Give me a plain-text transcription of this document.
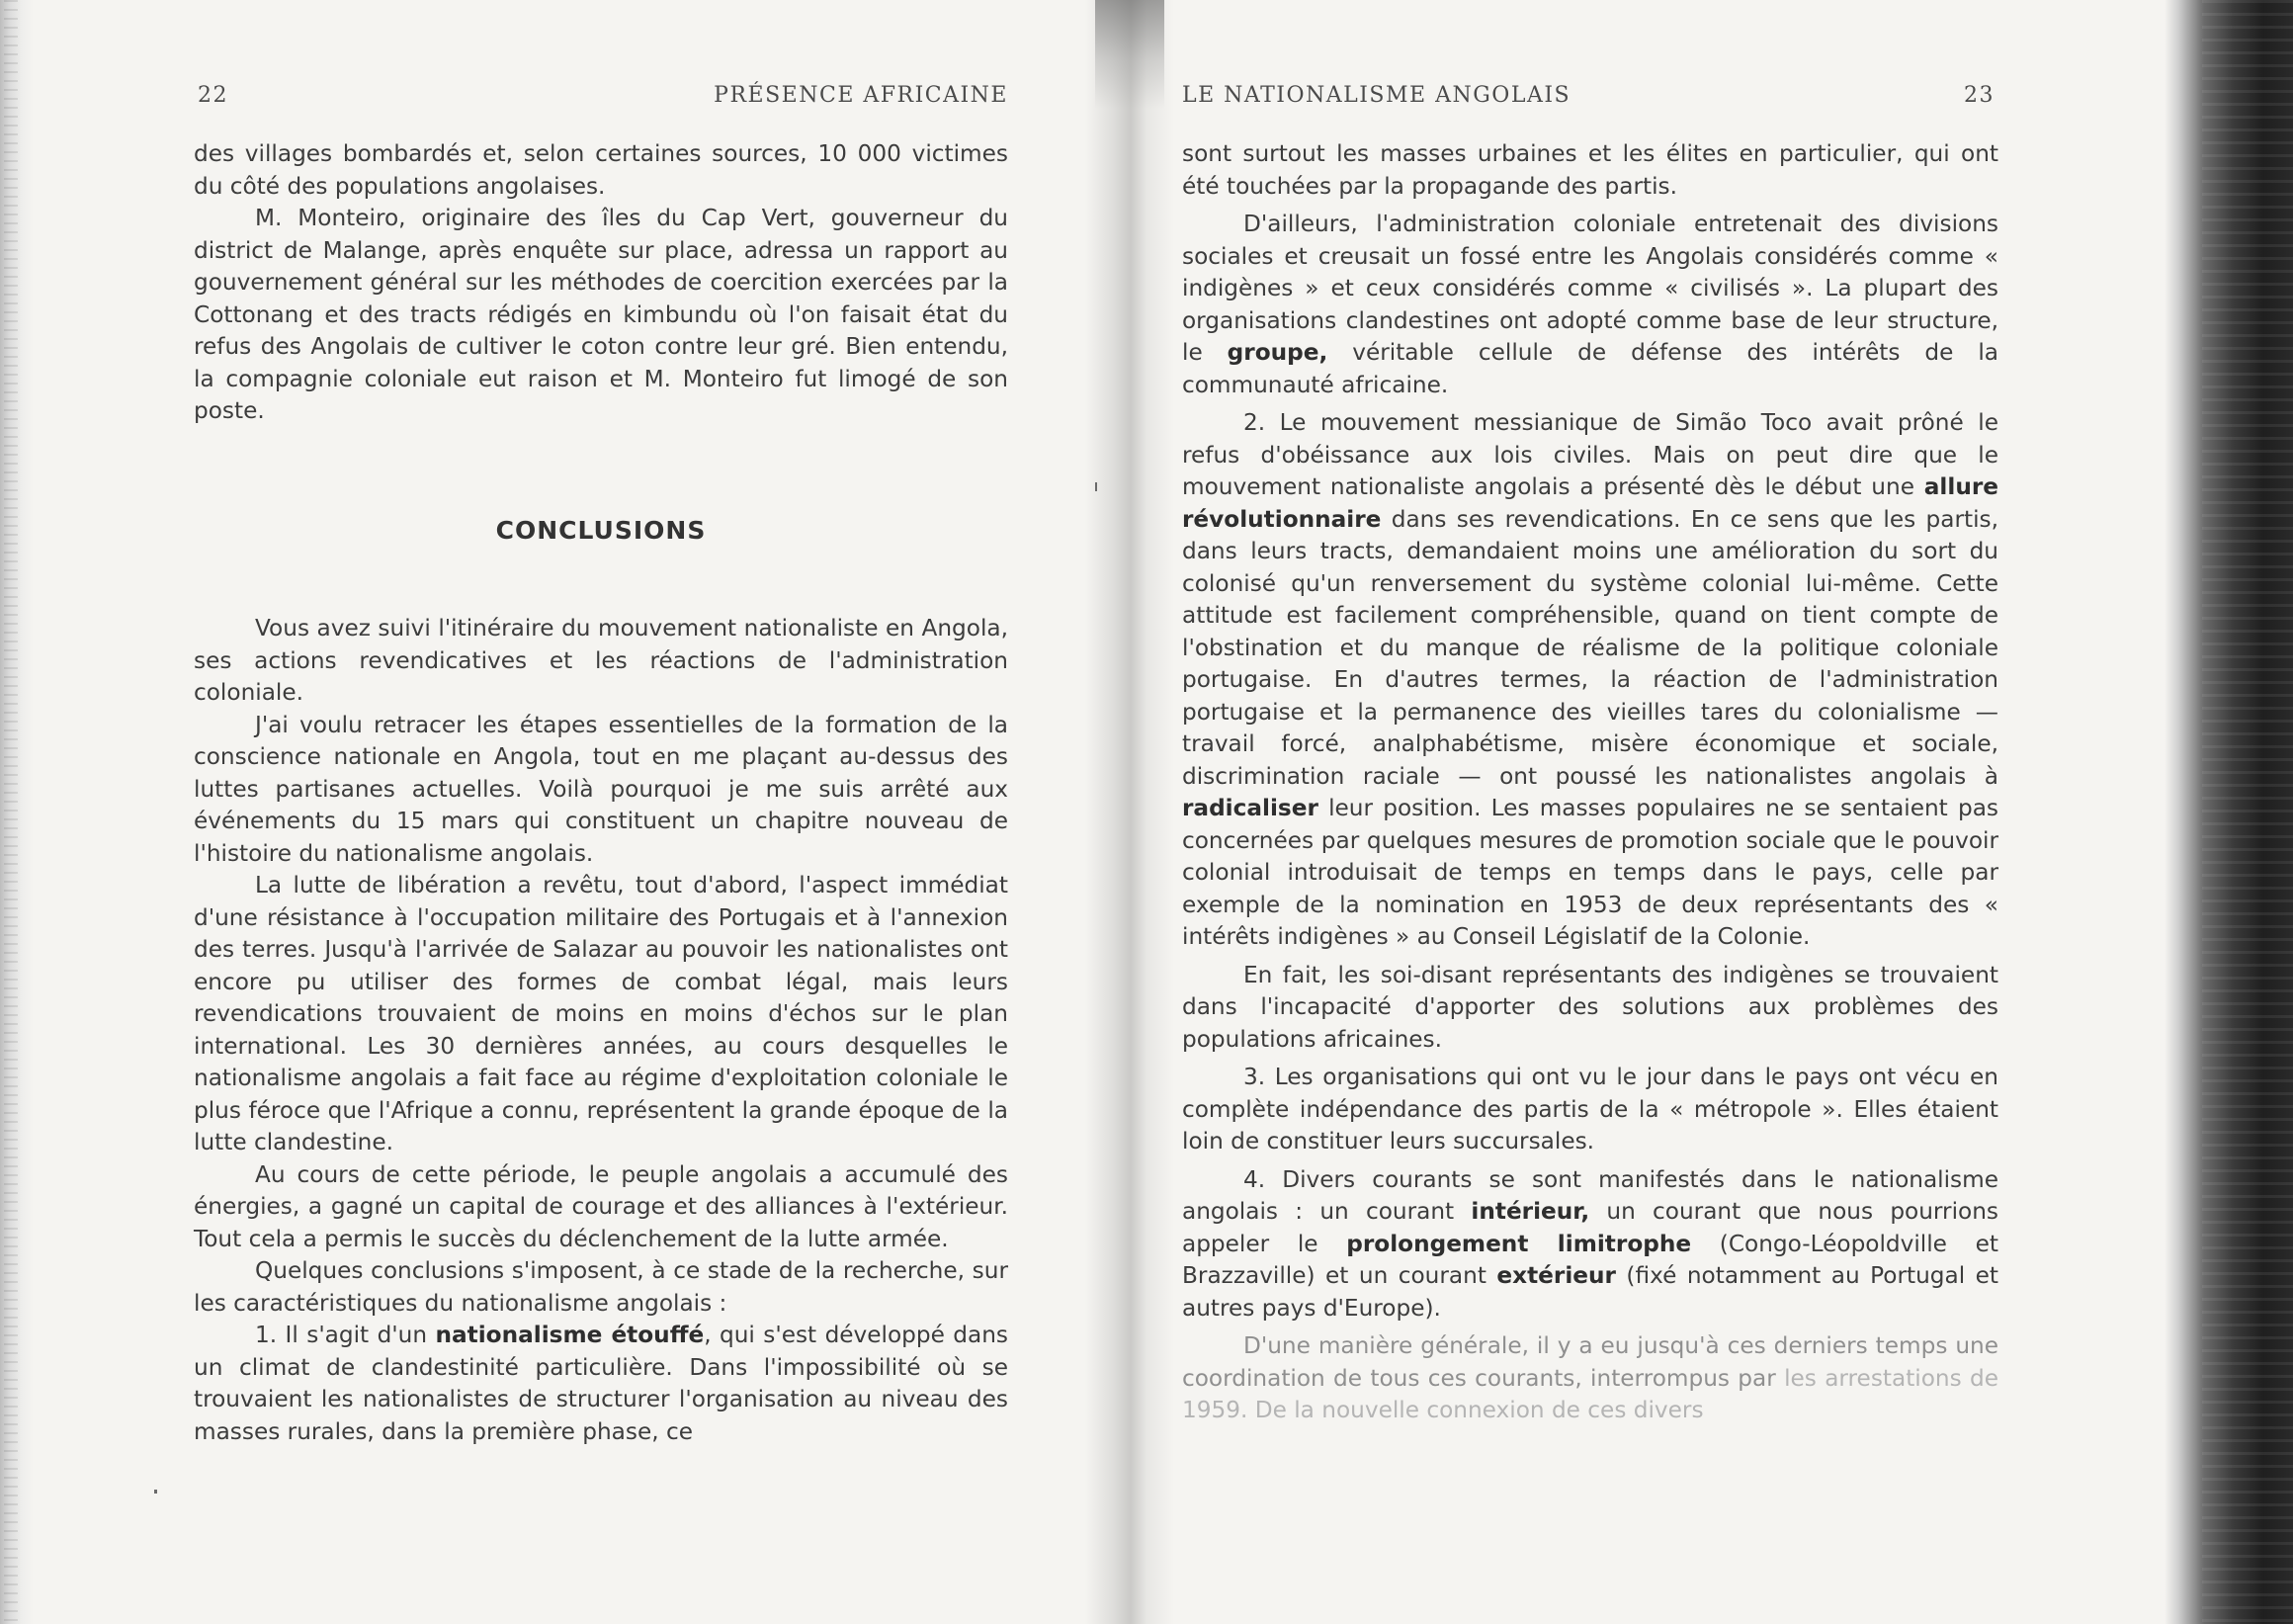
22	PRÉSENCE AFRICAINE

des villages bombardés et, selon certaines sources, 10 000 victimes du côté des populations angolaises.

M. Monteiro, originaire des îles du Cap Vert, gouverneur du district de Malange, après enquête sur place, adressa un rapport au gouvernement général sur les méthodes de coercition exercées par la Cottonang et des tracts rédigés en kimbundu où l'on faisait état du refus des Angolais de cultiver le coton contre leur gré. Bien entendu, la compagnie coloniale eut raison et M. Monteiro fut limogé de son poste.

CONCLUSIONS

Vous avez suivi l'itinéraire du mouvement nationaliste en Angola, ses actions revendicatives et les réactions de l'administration coloniale.

J'ai voulu retracer les étapes essentielles de la formation de la conscience nationale en Angola, tout en me plaçant au-dessus des luttes partisanes actuelles. Voilà pourquoi je me suis arrêté aux événements du 15 mars qui constituent un chapitre nouveau de l'histoire du nationalisme angolais.

La lutte de libération a revêtu, tout d'abord, l'aspect immédiat d'une résistance à l'occupation militaire des Portugais et à l'annexion des terres. Jusqu'à l'arrivée de Salazar au pouvoir les nationalistes ont encore pu utiliser des formes de combat légal, mais leurs revendications trouvaient de moins en moins d'échos sur le plan international. Les 30 dernières années, au cours desquelles le nationalisme angolais a fait face au régime d'exploitation coloniale le plus féroce que l'Afrique a connu, représentent la grande époque de la lutte clandestine.

Au cours de cette période, le peuple angolais a accumulé des énergies, a gagné un capital de courage et des alliances à l'extérieur. Tout cela a permis le succès du déclenchement de la lutte armée.

Quelques conclusions s'imposent, à ce stade de la recherche, sur les caractéristiques du nationalisme angolais :

1. Il s'agit d'un nationalisme étouffé, qui s'est développé dans un climat de clandestinité particulière. Dans l'impossibilité où se trouvaient les nationalistes de structurer l'organisation au niveau des masses rurales, dans la première phase, ce

LE NATIONALISME ANGOLAIS	23

sont surtout les masses urbaines et les élites en particulier, qui ont été touchées par la propagande des partis.

D'ailleurs, l'administration coloniale entretenait des divisions sociales et creusait un fossé entre les Angolais considérés comme « indigènes » et ceux considérés comme « civilisés ». La plupart des organisations clandestines ont adopté comme base de leur structure, le groupe, véritable cellule de défense des intérêts de la communauté africaine.

2. Le mouvement messianique de Simão Toco avait prôné le refus d'obéissance aux lois civiles. Mais on peut dire que le mouvement nationaliste angolais a présenté dès le début une allure révolutionnaire dans ses revendications. En ce sens que les partis, dans leurs tracts, demandaient moins une amélioration du sort du colonisé qu'un renversement du système colonial lui-même. Cette attitude est facilement compréhensible, quand on tient compte de l'obstination et du manque de réalisme de la politique coloniale portugaise. En d'autres termes, la réaction de l'administration portugaise et la permanence des vieilles tares du colonialisme — travail forcé, analphabétisme, misère économique et sociale, discrimination raciale — ont poussé les nationalistes angolais à radicaliser leur position. Les masses populaires ne se sentaient pas concernées par quelques mesures de promotion sociale que le pouvoir colonial introduisait de temps en temps dans le pays, celle par exemple de la nomination en 1953 de deux représentants des « intérêts indigènes » au Conseil Législatif de la Colonie.

En fait, les soi-disant représentants des indigènes se trouvaient dans l'incapacité d'apporter des solutions aux problèmes des populations africaines.

3. Les organisations qui ont vu le jour dans le pays ont vécu en complète indépendance des partis de la « métropole ». Elles étaient loin de constituer leurs succursales.

4. Divers courants se sont manifestés dans le nationalisme angolais : un courant intérieur, un courant que nous pourrions appeler le prolongement limitrophe (Congo-Léopoldville et Brazzaville) et un courant extérieur (fixé notamment au Portugal et autres pays d'Europe).

D'une manière générale, il y a eu jusqu'à ces derniers temps une coordination de tous ces courants, interrompus par les arrestations de 1959. De la nouvelle connexion de ces divers
